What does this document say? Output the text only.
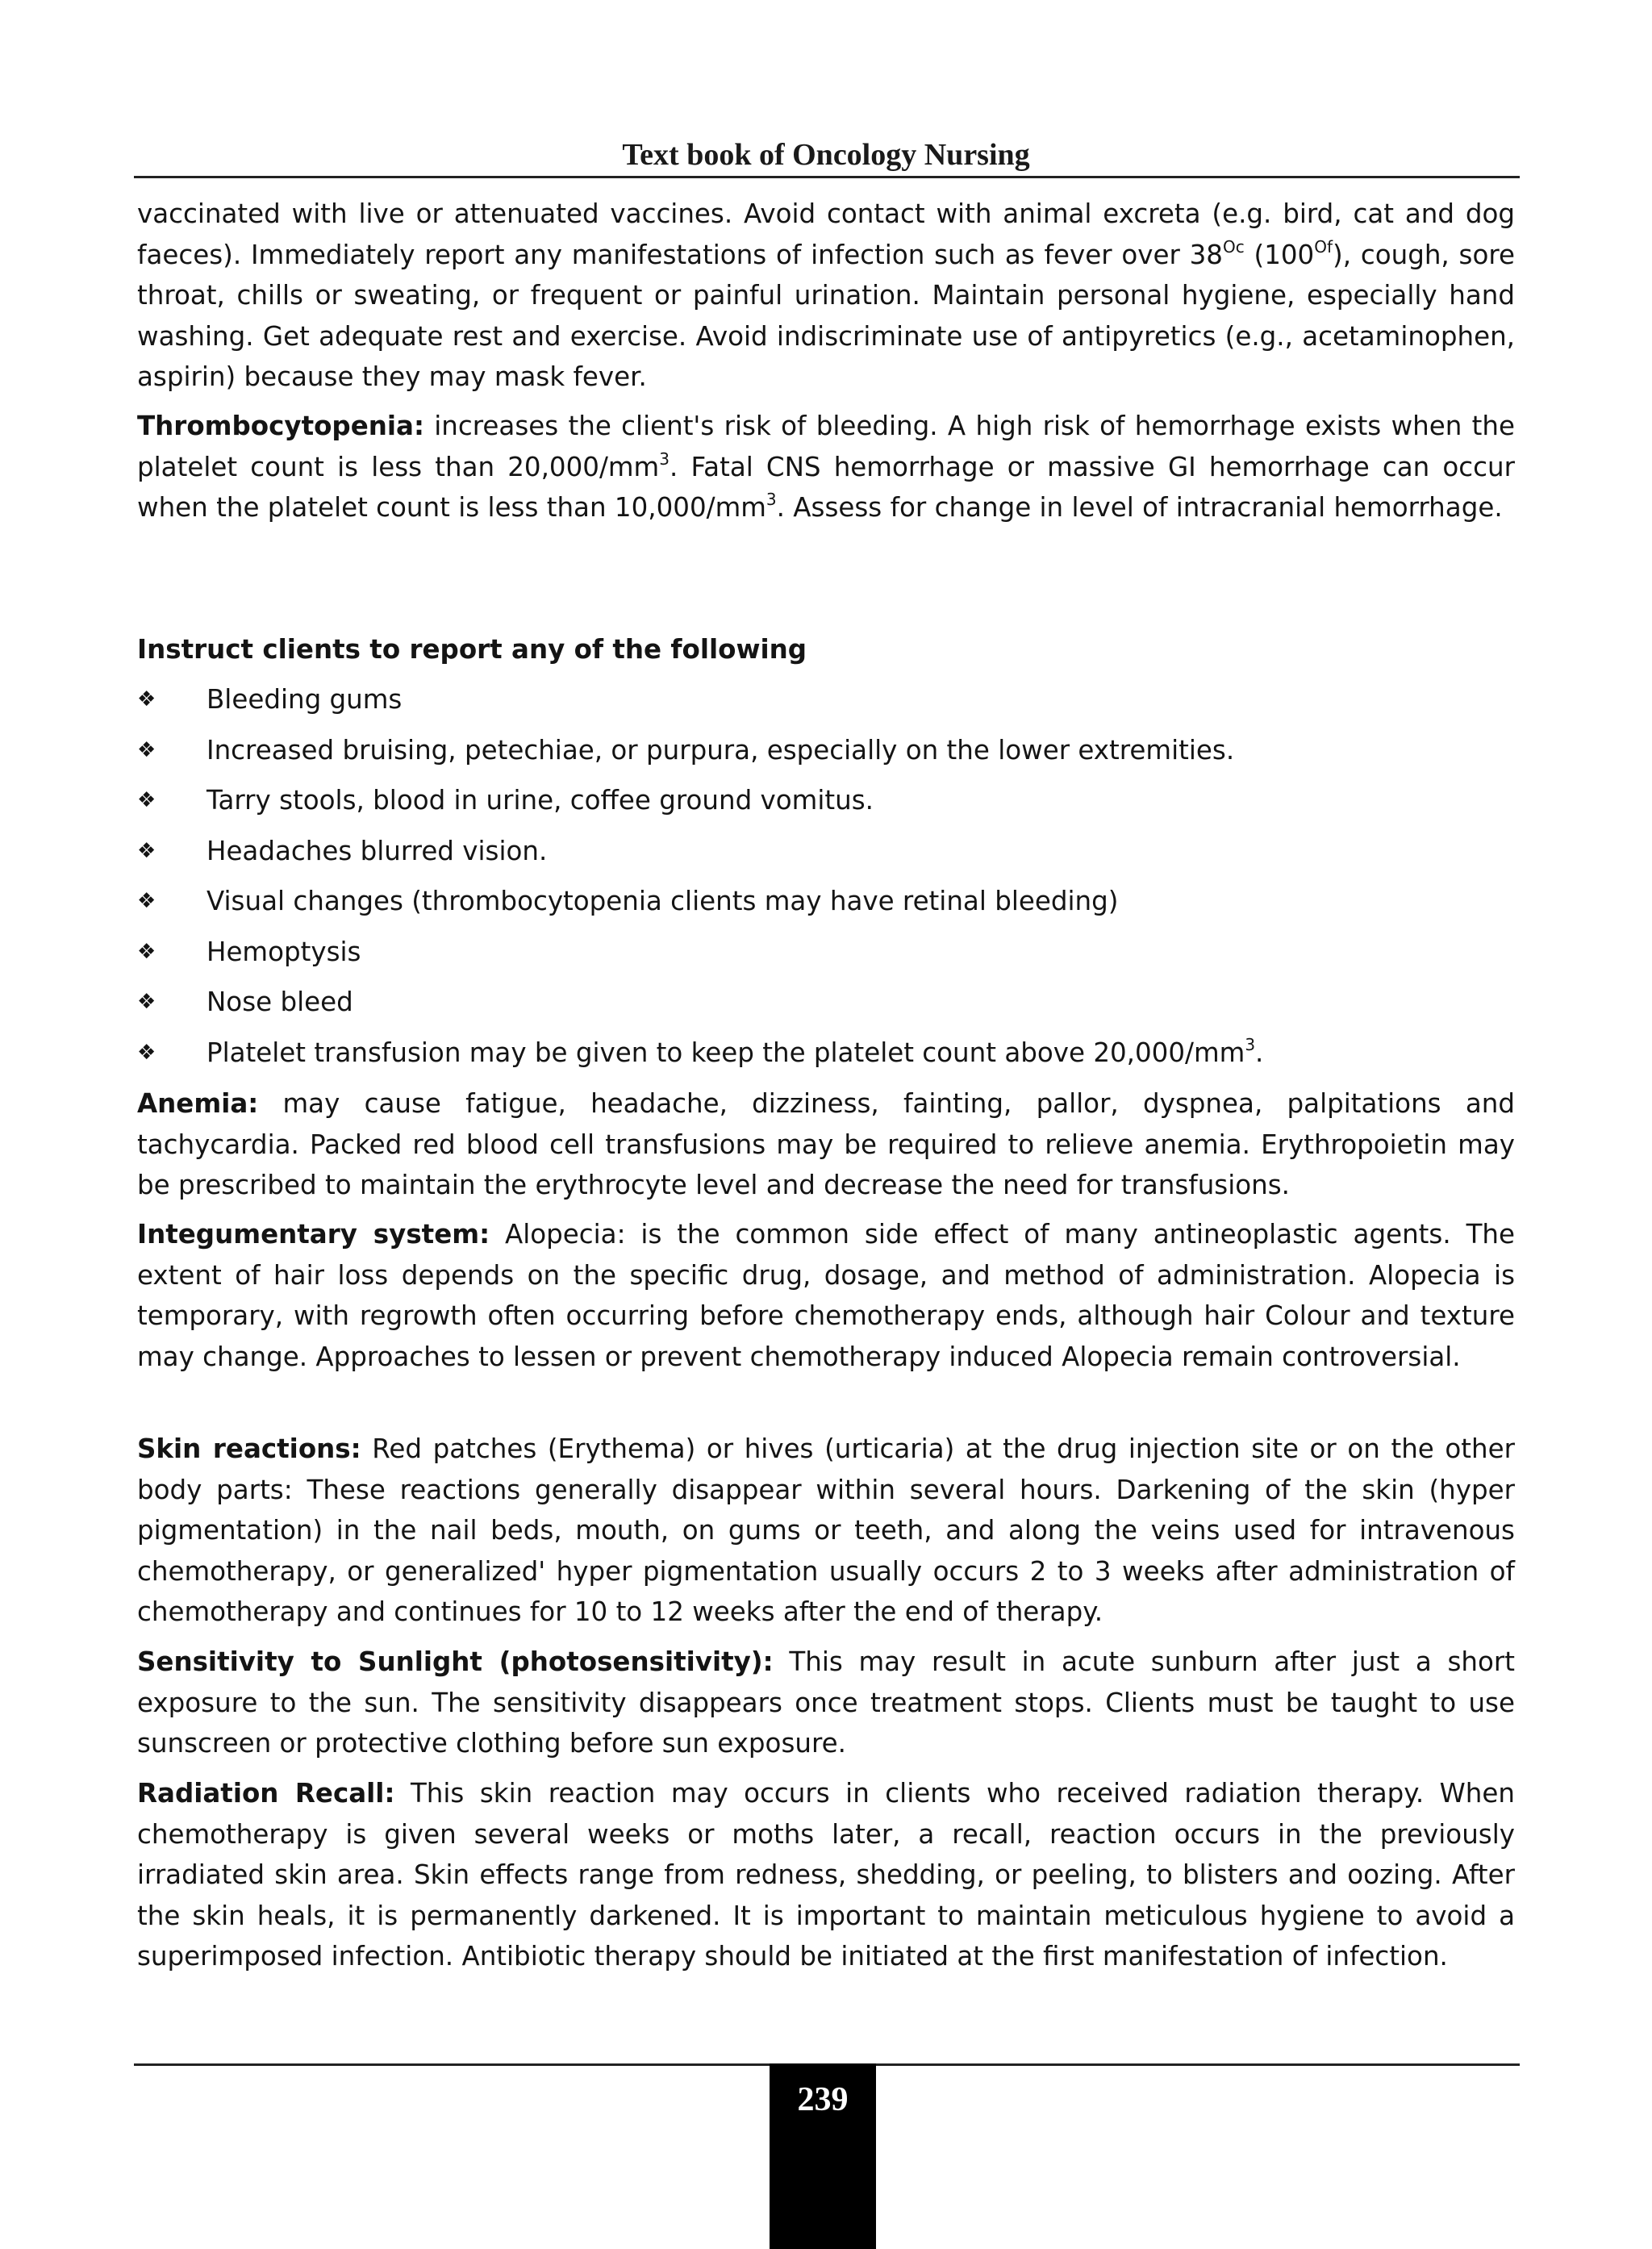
Text book of Oncology Nursing

vaccinated with live or attenuated vaccines. Avoid contact with animal excreta (e.g. bird, cat and dog faeces). Immediately report any manifestations of infection such as fever over $38^{Oc}$ $(100^{Of})$, cough, sore throat, chills or sweating, or frequent or painful urination. Maintain personal hygiene, especially hand washing. Get adequate rest and exercise. Avoid indiscriminate use of antipyretics (e.g., acetaminophen, aspirin) because they may mask fever.

Thrombocytopenia: increases the client's risk of bleeding. A high risk of hemorrhage exists when the platelet count is less than $20,000/mm^3$. Fatal CNS hemorrhage or massive GI hemorrhage can occur when the platelet count is less than $10,000/mm^3$. Assess for change in level of intracranial hemorrhage.

Instruct clients to report any of the following
❖	Bleeding gums
❖	Increased bruising, petechiae, or purpura, especially on the lower extremities.
❖	Tarry stools, blood in urine, coffee ground vomitus.
❖	Headaches blurred vision.
❖	Visual changes (thrombocytopenia clients may have retinal bleeding)
❖	Hemoptysis
❖	Nose bleed
❖	Platelet transfusion may be given to keep the platelet count above $20,000/mm^3$.

Anemia: may cause fatigue, headache, dizziness, fainting, pallor, dyspnea, palpitations and tachycardia. Packed red blood cell transfusions may be required to relieve anemia. Erythropoietin may be prescribed to maintain the erythrocyte level and decrease the need for transfusions.

Integumentary system: Alopecia: is the common side effect of many antineoplastic agents. The extent of hair loss depends on the specific drug, dosage, and method of administration. Alopecia is temporary, with regrowth often occurring before chemotherapy ends, although hair Colour and texture may change. Approaches to lessen or prevent chemotherapy induced Alopecia remain controversial.

Skin reactions: Red patches (Erythema) or hives (urticaria) at the drug injection site or on the other body parts: These reactions generally disappear within several hours. Darkening of the skin (hyper pigmentation) in the nail beds, mouth, on gums or teeth, and along the veins used for intravenous chemotherapy, or generalized' hyper pigmentation usually occurs 2 to 3 weeks after administration of chemotherapy and continues for 10 to 12 weeks after the end of therapy.

Sensitivity to Sunlight (photosensitivity): This may result in acute sunburn after just a short exposure to the sun. The sensitivity disappears once treatment stops. Clients must be taught to use sunscreen or protective clothing before sun exposure.

Radiation Recall: This skin reaction may occurs in clients who received radiation therapy. When chemotherapy is given several weeks or moths later, a recall, reaction occurs in the previously irradiated skin area. Skin effects range from redness, shedding, or peeling, to blisters and oozing. After the skin heals, it is permanently darkened. It is important to maintain meticulous hygiene to avoid a superimposed infection. Antibiotic therapy should be initiated at the first manifestation of infection.

239
